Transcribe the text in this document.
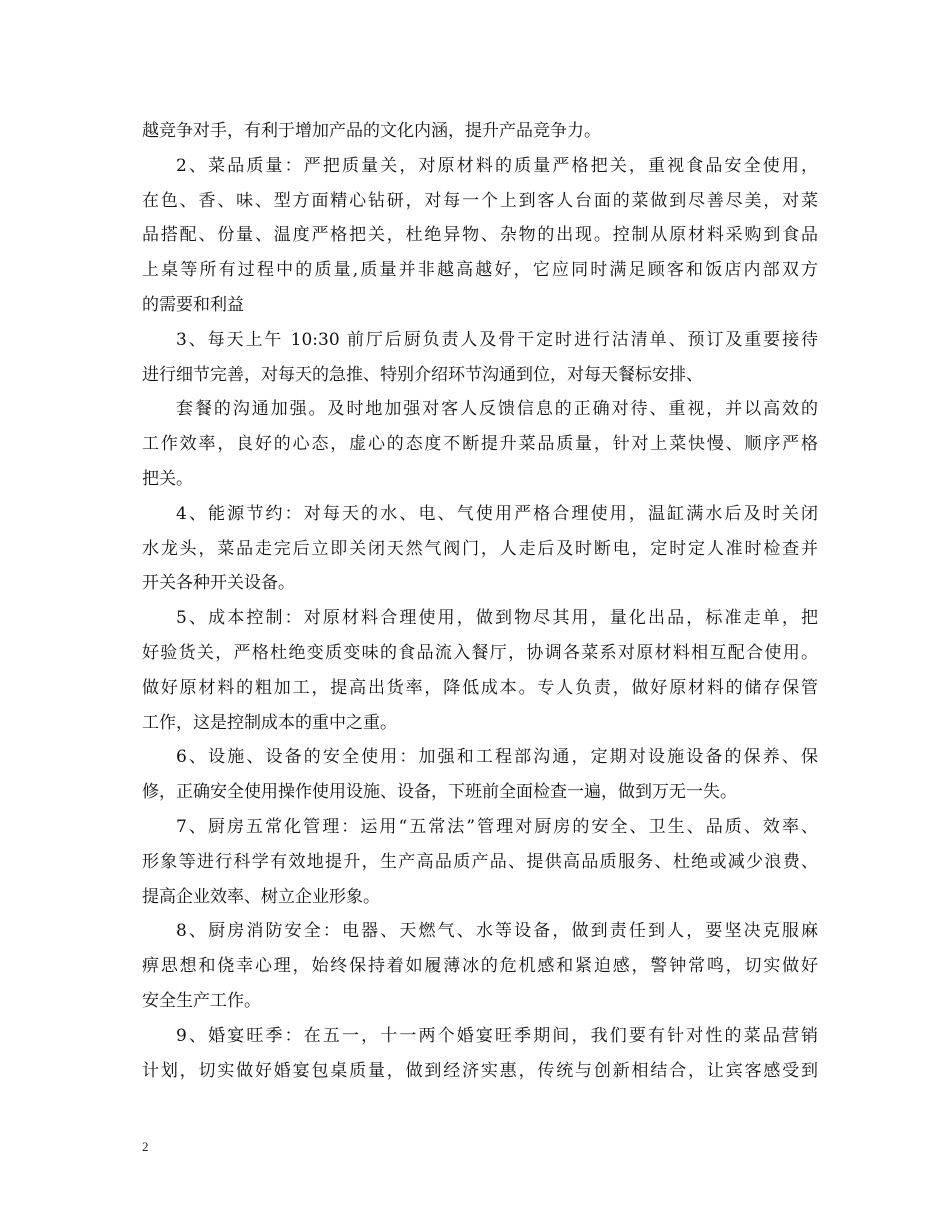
越竞争对手，有利于增加产品的文化内涵，提升产品竞争力。
2、菜品质量：严把质量关，对原材料的质量严格把关，重视食品安全使用，
在色、香、味、型方面精心钻研，对每一个上到客人台面的菜做到尽善尽美，对菜
品搭配、份量、温度严格把关，杜绝异物、杂物的出现。控制从原材料采购到食品
上桌等所有过程中的质量,质量并非越高越好，它应同时满足顾客和饭店内部双方
的需要和利益
3、每天上午 10:30 前厅后厨负责人及骨干定时进行沽清单、预订及重要接待
进行细节完善，对每天的急推、特别介绍环节沟通到位，对每天餐标安排、
套餐的沟通加强。及时地加强对客人反馈信息的正确对待、重视，并以高效的
工作效率，良好的心态，虚心的态度不断提升菜品质量，针对上菜快慢、顺序严格
把关。
4、能源节约：对每天的水、电、气使用严格合理使用，温缸满水后及时关闭
水龙头，菜品走完后立即关闭天然气阀门，人走后及时断电，定时定人准时检查并
开关各种开关设备。
5、成本控制：对原材料合理使用，做到物尽其用，量化出品，标准走单，把
好验货关，严格杜绝变质变味的食品流入餐厅，协调各菜系对原材料相互配合使用。
做好原材料的粗加工，提高出货率，降低成本。专人负责，做好原材料的储存保管
工作，这是控制成本的重中之重。
6、设施、设备的安全使用：加强和工程部沟通，定期对设施设备的保养、保
修，正确安全使用操作使用设施、设备，下班前全面检查一遍，做到万无一失。
7、厨房五常化管理：运用“五常法”管理对厨房的安全、卫生、品质、效率、
形象等进行科学有效地提升，生产高品质产品、提供高品质服务、杜绝或减少浪费、
提高企业效率、树立企业形象。
8、厨房消防安全：电器、天燃气、水等设备，做到责任到人，要坚决克服麻
痹思想和侥幸心理，始终保持着如履薄冰的危机感和紧迫感，警钟常鸣，切实做好
安全生产工作。
9、婚宴旺季：在五一，十一两个婚宴旺季期间，我们要有针对性的菜品营销
计划，切实做好婚宴包桌质量，做到经济实惠，传统与创新相结合，让宾客感受到
2
